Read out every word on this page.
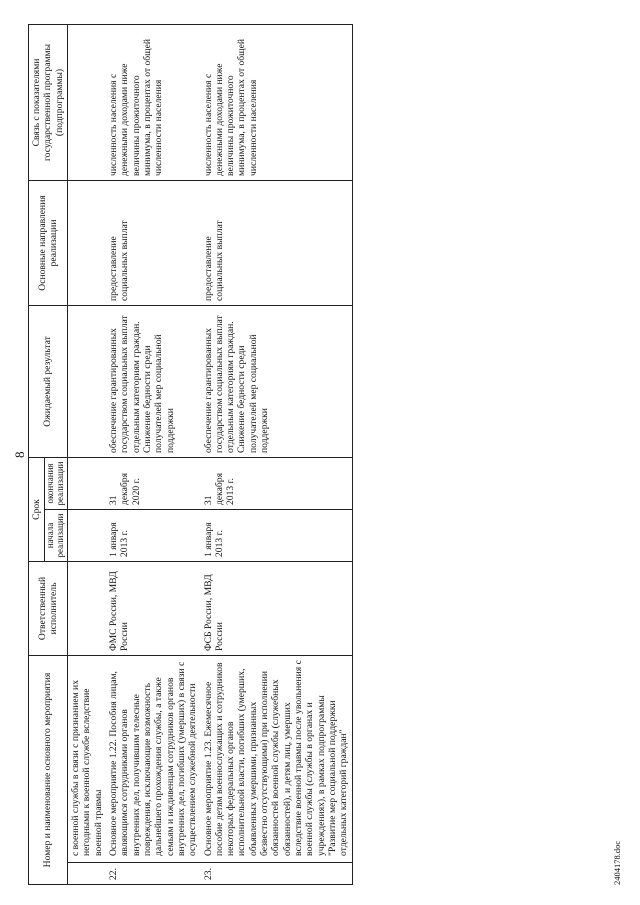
8
Номер и наименование основного мероприятия		Ответственный исполнитель	Срок		Ожидаемый результат	Основные направления реализации	Связь с показателями государственной программы (подпрограммы)
			начала реализации	окончания реализации			
	с военной службы в связи с признанием их негодными к военной службе вследствие военной травмы						
22.	Основное мероприятие 1.22. Пособия лицам, являющимся сотрудниками органов внутренних дел, получившим телесные повреждения, исключающие возможность дальнейшего прохождения службы, а также семьям и иждивенцам сотрудников органов внутренних дел, погибших (умерших) в связи с осуществлением служебной деятельности	ФМС России, МВД России	1 января 2013 г.	31 декабря 2020 г.	обеспечение гарантированных государством социальных выплат отдельным категориям граждан. Снижение бедности среди получателей мер социальной поддержки	предоставление социальных выплат	численность населения с денежными доходами ниже величины прожиточного минимума, в процентах от общей численности населения
23.	Основное мероприятие 1.23. Ежемесячное пособие детям военнослужащих и сотрудников некоторых федеральных органов исполнительной власти, погибших (умерших, объявленных умершими, признанных безвестно отсутствующими) при исполнении обязанностей военной службы (служебных обязанностей), и детям лиц, умерших вследствие военной травмы после увольнения с военной службы (службы в органах и учреждениях), в рамках подпрограммы "Развитие мер социальной поддержки отдельных категорий граждан"	ФСБ России, МВД России	1 января 2013 г.	31 декабря 2013 г.	обеспечение гарантированных государством социальных выплат отдельным категориям граждан. Снижение бедности среди получателей мер социальной поддержки	предоставление социальных выплат	численность населения с денежными доходами ниже величины прожиточного минимума, в процентах от общей численности населения
2404178.doc
